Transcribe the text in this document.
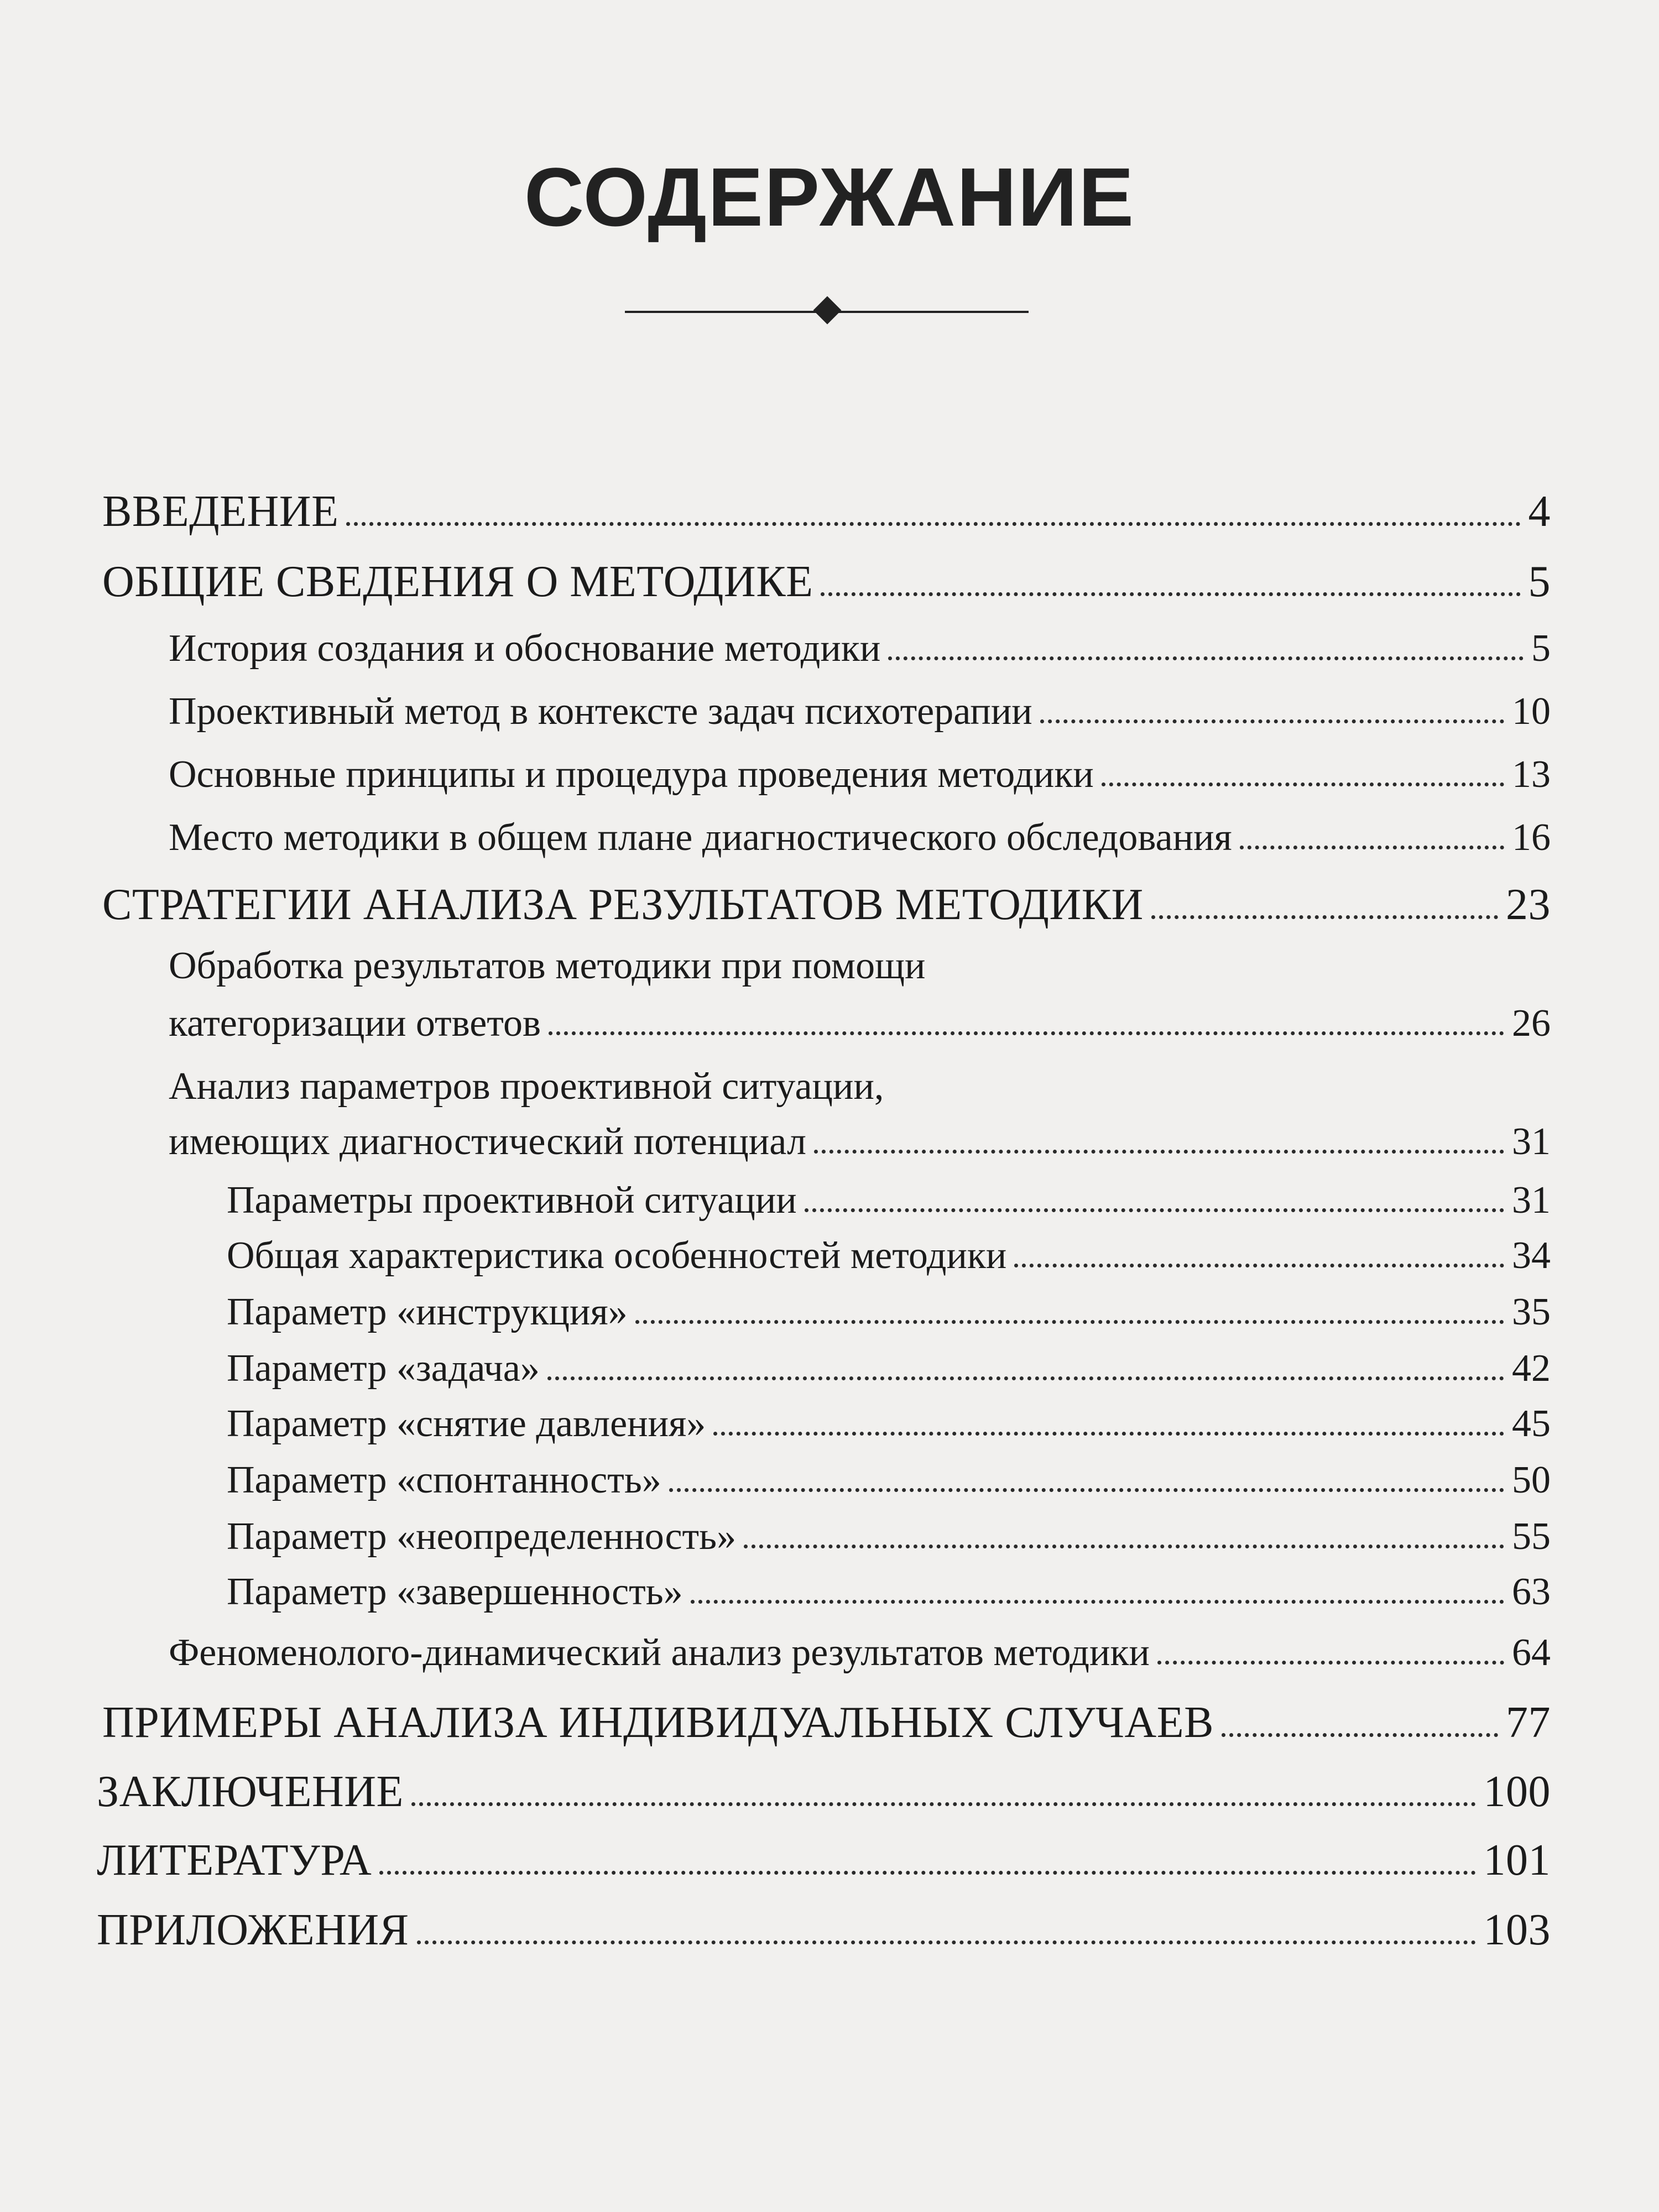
СОДЕРЖАНИЕ
ВВЕДЕНИЕ	4
ОБЩИЕ СВЕДЕНИЯ О МЕТОДИКЕ	5
История создания и обоснование методики	5
Проективный метод в контексте задач психотерапии	10
Основные принципы и процедура проведения методики	13
Место методики в общем плане диагностического обследования	16
СТРАТЕГИИ АНАЛИЗА РЕЗУЛЬТАТОВ МЕТОДИКИ	23
Обработка результатов методики при помощи
категоризации ответов	26
Анализ параметров проективной ситуации,
имеющих диагностический потенциал	31
Параметры проективной ситуации	31
Общая характеристика особенностей методики	34
Параметр «инструкция»	35
Параметр «задача»	42
Параметр «снятие давления»	45
Параметр «спонтанность»	50
Параметр «неопределенность»	55
Параметр «завершенность»	63
Феноменолого-динамический анализ результатов методики	64
ПРИМЕРЫ АНАЛИЗА ИНДИВИДУАЛЬНЫХ СЛУЧАЕВ	77
ЗАКЛЮЧЕНИЕ	100
ЛИТЕРАТУРА	101
ПРИЛОЖЕНИЯ	103
